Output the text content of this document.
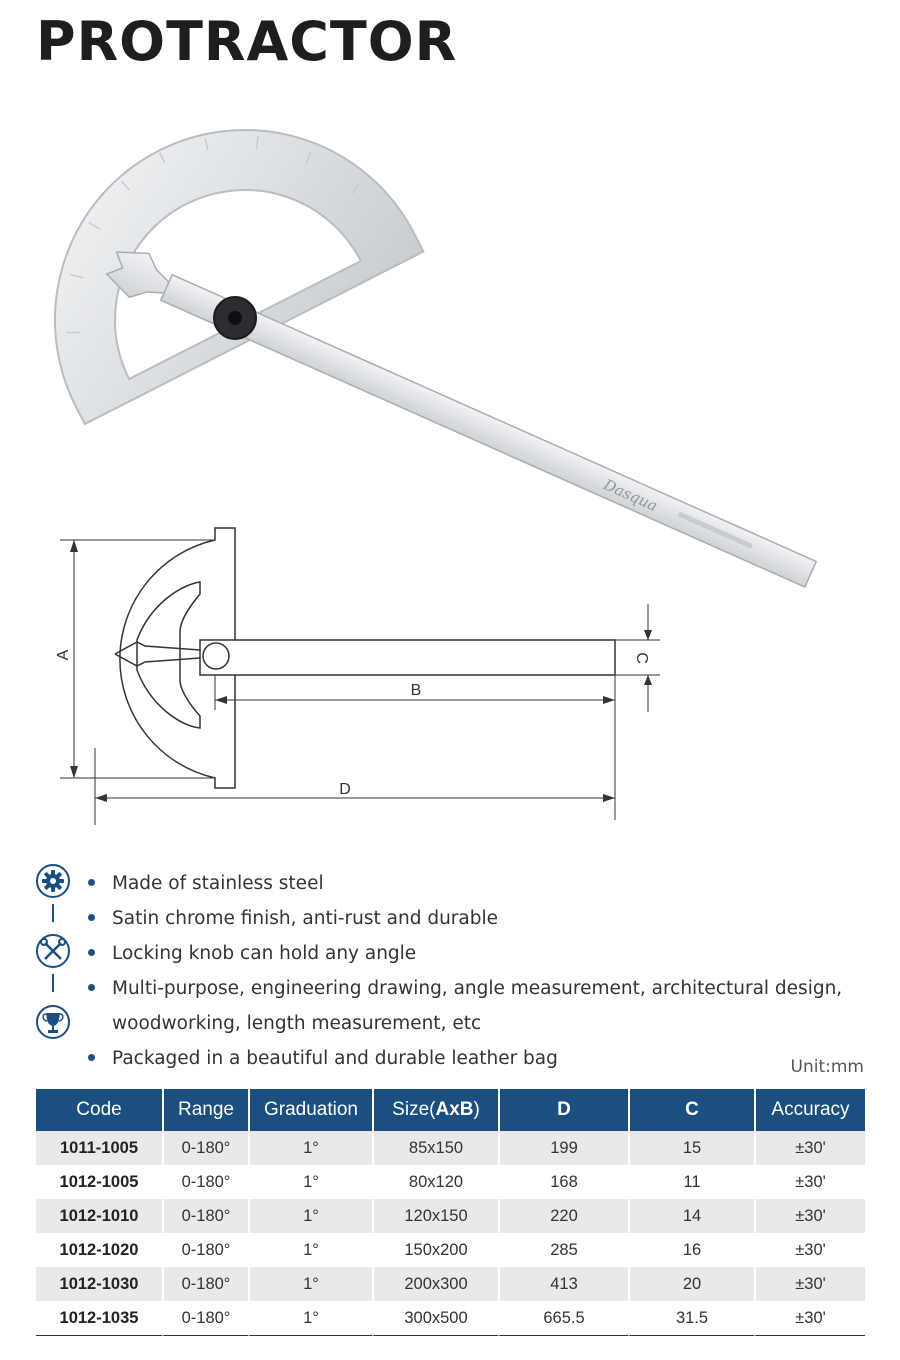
PROTRACTOR
Dasqua
A
B
C
D
Made of stainless steel
Satin chrome finish, anti-rust and durable
Locking knob can hold any angle
Multi-purpose, engineering drawing, angle measurement, architectural design, woodworking, length measurement, etc
Packaged in a beautiful and durable leather bag	Unit:mm
Code	Range	Graduation	Size(AxB)	D	C	Accuracy
1011-1005	0-180°	1°	85x150	199	15	±30'
1012-1005	0-180°	1°	80x120	168	11	±30'
1012-1010	0-180°	1°	120x150	220	14	±30'
1012-1020	0-180°	1°	150x200	285	16	±30'
1012-1030	0-180°	1°	200x300	413	20	±30'
1012-1035	0-180°	1°	300x500	665.5	31.5	±30'
